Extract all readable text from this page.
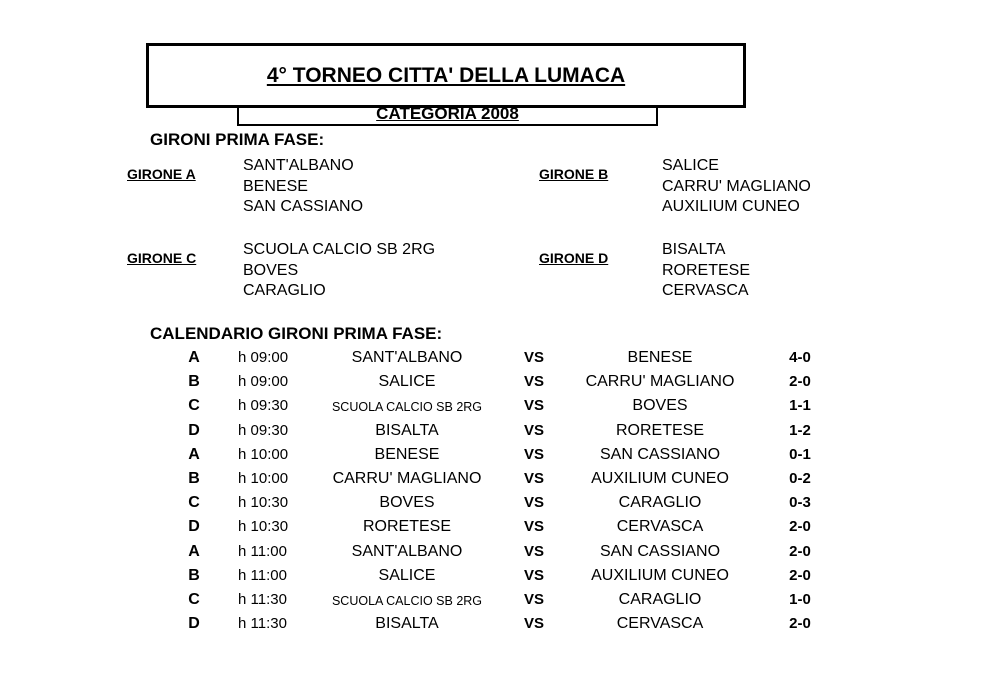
4° TORNEO CITTA' DELLA LUMACA
CATEGORIA 2008
GIRONI PRIMA FASE:
GIRONE A	SANT'ALBANO
BENESE
SAN CASSIANO
GIRONE B	SALICE
CARRU' MAGLIANO
AUXILIUM CUNEO
GIRONE C	SCUOLA CALCIO SB 2RG
BOVES
CARAGLIO
GIRONE D	BISALTA
RORETESE
CERVASCA
CALENDARIO GIRONI PRIMA FASE:
A	h 09:00	SANT'ALBANO	VS	BENESE	4-0
B	h 09:00	SALICE	VS	CARRU' MAGLIANO	2-0
C	h 09:30	SCUOLA CALCIO SB 2RG	VS	BOVES	1-1
D	h 09:30	BISALTA	VS	RORETESE	1-2
A	h 10:00	BENESE	VS	SAN CASSIANO	0-1
B	h 10:00	CARRU' MAGLIANO	VS	AUXILIUM CUNEO	0-2
C	h 10:30	BOVES	VS	CARAGLIO	0-3
D	h 10:30	RORETESE	VS	CERVASCA	2-0
A	h 11:00	SANT'ALBANO	VS	SAN CASSIANO	2-0
B	h 11:00	SALICE	VS	AUXILIUM CUNEO	2-0
C	h 11:30	SCUOLA CALCIO SB 2RG	VS	CARAGLIO	1-0
D	h 11:30	BISALTA	VS	CERVASCA	2-0
